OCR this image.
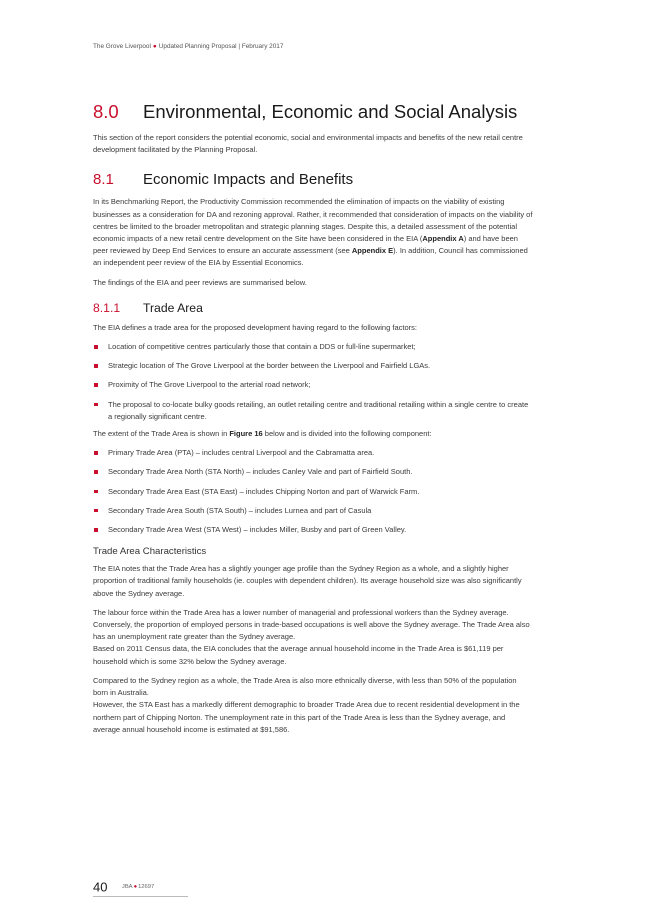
The Grove Liverpool ● Updated Planning Proposal | February 2017
8.0 Environmental, Economic and Social Analysis

This section of the report considers the potential economic, social and environmental impacts and benefits of the new retail centre development facilitated by the Planning Proposal.

8.1 Economic Impacts and Benefits

In its Benchmarking Report, the Productivity Commission recommended the elimination of impacts on the viability of existing businesses as a consideration for DA and rezoning approval. Rather, it recommended that consideration of impacts on the viability of centres be limited to the broader metropolitan and strategic planning stages. Despite this, a detailed assessment of the potential economic impacts of a new retail centre development on the Site have been considered in the EIA (Appendix A) and have been peer reviewed by Deep End Services to ensure an accurate assessment (see Appendix E). In addition, Council has commissioned an independent peer review of the EIA by Essential Economics.

The findings of the EIA and peer reviews are summarised below.

8.1.1 Trade Area

The EIA defines a trade area for the proposed development having regard to the following factors:

Location of competitive centres particularly those that contain a DDS or full-line supermarket;
Strategic location of The Grove Liverpool at the border between the Liverpool and Fairfield LGAs.
Proximity of The Grove Liverpool to the arterial road network;
The proposal to co-locate bulky goods retailing, an outlet retailing centre and traditional retailing within a single centre to create a regionally significant centre.

The extent of the Trade Area is shown in Figure 16 below and is divided into the following component:

Primary Trade Area (PTA) – includes central Liverpool and the Cabramatta area.
Secondary Trade Area North (STA North) – includes Canley Vale and part of Fairfield South.
Secondary Trade Area East (STA East) – includes Chipping Norton and part of Warwick Farm.
Secondary Trade Area South (STA South) – includes Lurnea and part of Casula
Secondary Trade Area West (STA West) – includes Miller, Busby and part of Green Valley.
Trade Area Characteristics

The EIA notes that the Trade Area has a slightly younger age profile than the Sydney Region as a whole, and a slightly higher proportion of traditional family households (ie. couples with dependent children). Its average household size was also significantly above the Sydney average.

The labour force within the Trade Area has a lower number of managerial and professional workers than the Sydney average. Conversely, the proportion of employed persons in trade-based occupations is well above the Sydney average. The Trade Area also has an unemployment rate greater than the Sydney average.

Based on 2011 Census data, the EIA concludes that the average annual household income in the Trade Area is $61,119 per household which is some 32% below the Sydney average.

Compared to the Sydney region as a whole, the Trade Area is also more ethnically diverse, with less than 50% of the population born in Australia.

However, the STA East has a markedly different demographic to broader Trade Area due to recent residential development in the northern part of Chipping Norton. The unemployment rate in this part of the Trade Area is less than the Sydney average, and average annual household income is estimated at $91,586.

40 JBA●12697
